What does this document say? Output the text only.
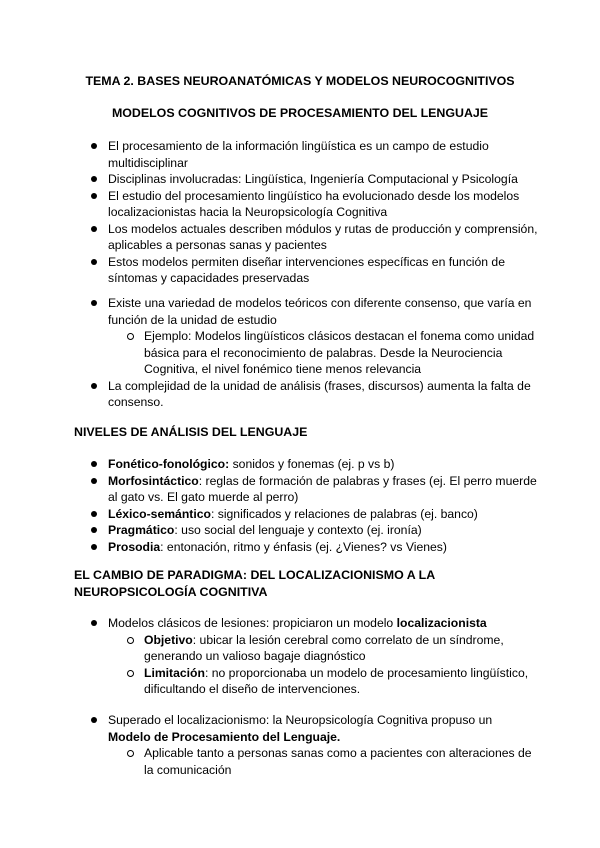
TEMA 2. BASES NEUROANATÓMICAS Y MODELOS NEUROCOGNITIVOS

MODELOS COGNITIVOS DE PROCESAMIENTO DEL LENGUAJE

El procesamiento de la información lingüística es un campo de estudio multidisciplinar
Disciplinas involucradas: Lingüística, Ingeniería Computacional y Psicología
El estudio del procesamiento lingüístico ha evolucionado desde los modelos localizacionistas hacia la Neuropsicología Cognitiva
Los modelos actuales describen módulos y rutas de producción y comprensión, aplicables a personas sanas y pacientes
Estos modelos permiten diseñar intervenciones específicas en función de síntomas y capacidades preservadas
Existe una variedad de modelos teóricos con diferente consenso, que varía en función de la unidad de estudio
Ejemplo: Modelos lingüísticos clásicos destacan el fonema como unidad básica para el reconocimiento de palabras. Desde la Neurociencia Cognitiva, el nivel fonémico tiene menos relevancia
La complejidad de la unidad de análisis (frases, discursos) aumenta la falta de consenso.

NIVELES DE ANÁLISIS DEL LENGUAJE

Fonético-fonológico: sonidos y fonemas (ej. p vs b)
Morfosintáctico: reglas de formación de palabras y frases (ej. El perro muerde al gato vs. El gato muerde al perro)
Léxico-semántico: significados y relaciones de palabras (ej. banco)
Pragmático: uso social del lenguaje y contexto (ej. ironía)
Prosodia: entonación, ritmo y énfasis (ej. ¿Vienes? vs Vienes)

EL CAMBIO DE PARADIGMA: DEL LOCALIZACIONISMO A LA NEUROPSICOLOGÍA COGNITIVA

Modelos clásicos de lesiones: propiciaron un modelo localizacionista
Objetivo: ubicar la lesión cerebral como correlato de un síndrome, generando un valioso bagaje diagnóstico
Limitación: no proporcionaba un modelo de procesamiento lingüístico, dificultando el diseño de intervenciones.
Superado el localizacionismo: la Neuropsicología Cognitiva propuso un Modelo de Procesamiento del Lenguaje.
Aplicable tanto a personas sanas como a pacientes con alteraciones de la comunicación
